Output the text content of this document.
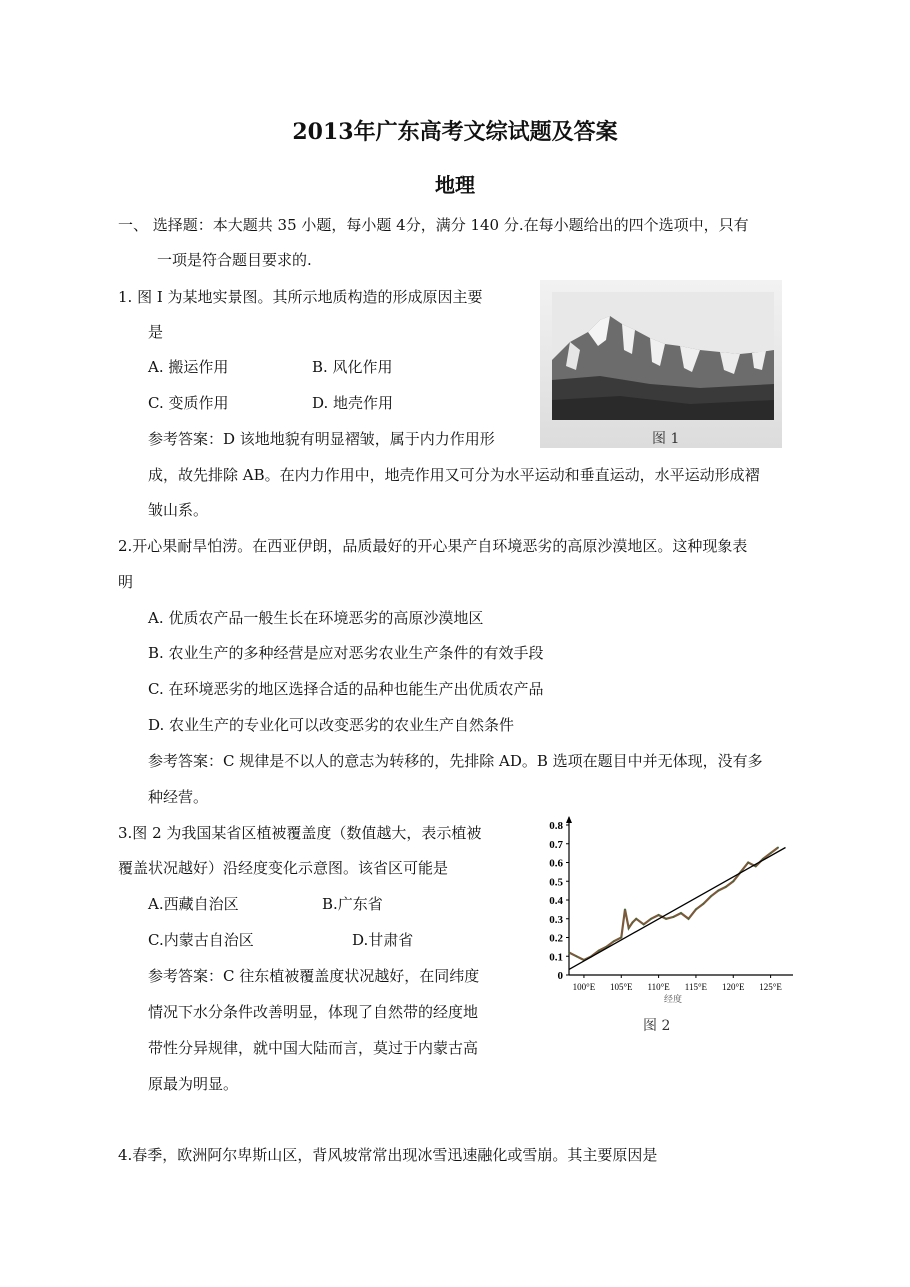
2013年广东高考文综试题及答案
地理
一、 选择题：本大题共 35 小题，每小题 4分，满分 140 分.在每小题给出的四个选项中，只有
一项是符合题目要求的.
1. 图 I 为某地实景图。其所示地质构造的形成原因主要
是
A. 搬运作用	B. 风化作用
C. 变质作用	D. 地壳作用
参考答案：D 该地地貌有明显褶皱，属于内力作用形
成，故先排除 AB。在内力作用中，地壳作用又可分为水平运动和垂直运动，水平运动形成褶
皱山系。
图 1
2.开心果耐旱怕涝。在西亚伊朗，品质最好的开心果产自环境恶劣的高原沙漠地区。这种现象表
明
A. 优质农产品一般生长在环境恶劣的高原沙漠地区
B. 农业生产的多种经营是应对恶劣农业生产条件的有效手段
C. 在环境恶劣的地区选择合适的品种也能生产出优质农产品
D. 农业生产的专业化可以改变恶劣的农业生产自然条件
参考答案：C 规律是不以人的意志为转移的，先排除 AD。B 选项在题目中并无体现，没有多
种经营。
3.图 2 为我国某省区植被覆盖度（数值越大，表示植被
覆盖状况越好）沿经度变化示意图。该省区可能是
A.西藏自治区	B.广东省
C.内蒙古自治区	D.甘肃省
参考答案：C 往东植被覆盖度状况越好，在同纬度
情况下水分条件改善明显，体现了自然带的经度地
带性分异规律，就中国大陆而言，莫过于内蒙古高
原最为明显。
0
0.1
0.2
0.3
0.4
0.5
0.6
0.7
0.8
100°E 105°E 110°E 115°E 120°E 125°E
经度
图 2
4.春季，欧洲阿尔卑斯山区，背风坡常常出现冰雪迅速融化或雪崩。其主要原因是
